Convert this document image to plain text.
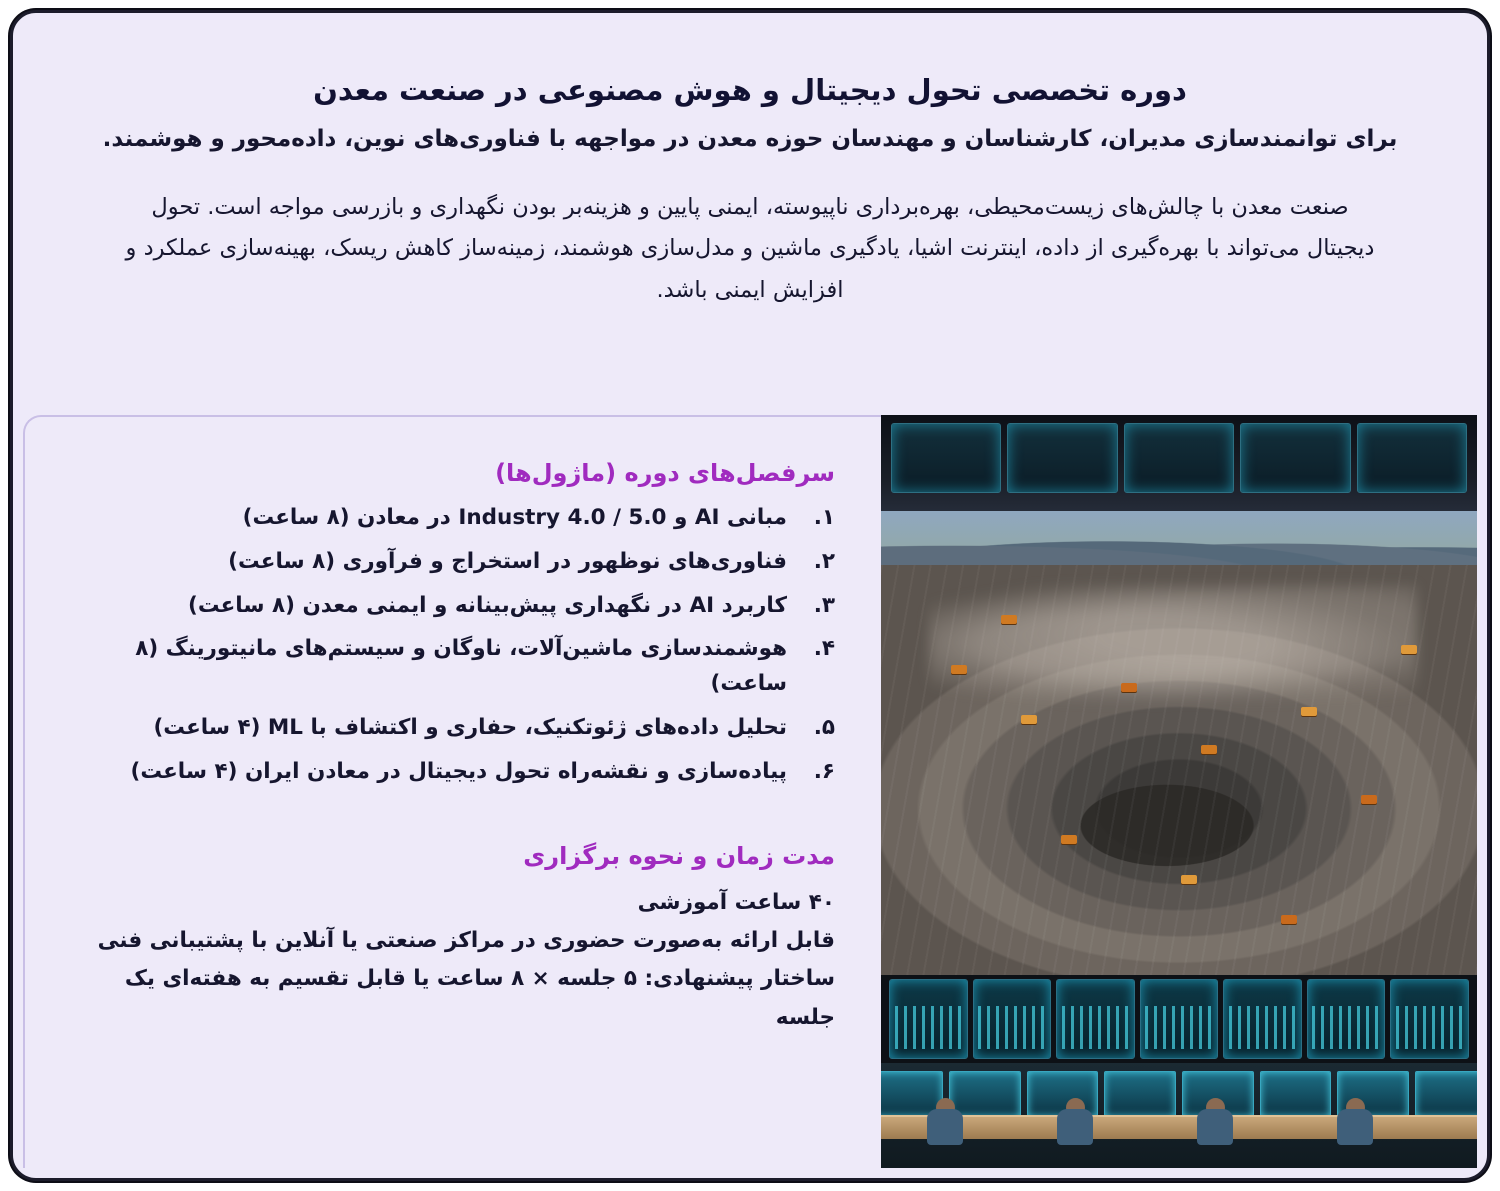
دوره تخصصی تحول دیجیتال و هوش مصنوعی در صنعت معدن
برای توانمندسازی مدیران، کارشناسان و مهندسان حوزه معدن در مواجهه با فناوری‌های نوین، داده‌محور و هوشمند.
صنعت معدن با چالش‌های زیست‌محیطی، بهره‌برداری ناپیوسته، ایمنی پایین و هزینه‌بر بودن نگهداری و بازرسی مواجه است. تحول دیجیتال می‌تواند با بهره‌گیری از داده، اینترنت اشیا، یادگیری ماشین و مدل‌سازی هوشمند، زمینه‌ساز کاهش ریسک، بهینه‌سازی عملکرد و افزایش ایمنی باشد.
سرفصل‌های دوره (ماژول‌ها)
۱. مبانی AI و Industry 4.0 / 5.0 در معادن (۸ ساعت)
۲. فناوری‌های نوظهور در استخراج و فرآوری (۸ ساعت)
۳. کاربرد AI در نگهداری پیش‌بینانه و ایمنی معدن (۸ ساعت)
۴. هوشمندسازی ماشین‌آلات، ناوگان و سیستم‌های مانیتورینگ (۸ ساعت)
۵. تحلیل داده‌های ژئوتکنیک، حفاری و اکتشاف با ML (۴ ساعت)
۶. پیاده‌سازی و نقشه‌راه تحول دیجیتال در معادن ایران (۴ ساعت)
مدت زمان و نحوه برگزاری
۴۰ ساعت آموزشی
قابل ارائه به‌صورت حضوری در مراکز صنعتی یا آنلاین با پشتیبانی فنی
ساختار پیشنهادی: ۵ جلسه × ۸ ساعت یا قابل تقسیم به هفته‌ای یک جلسه
